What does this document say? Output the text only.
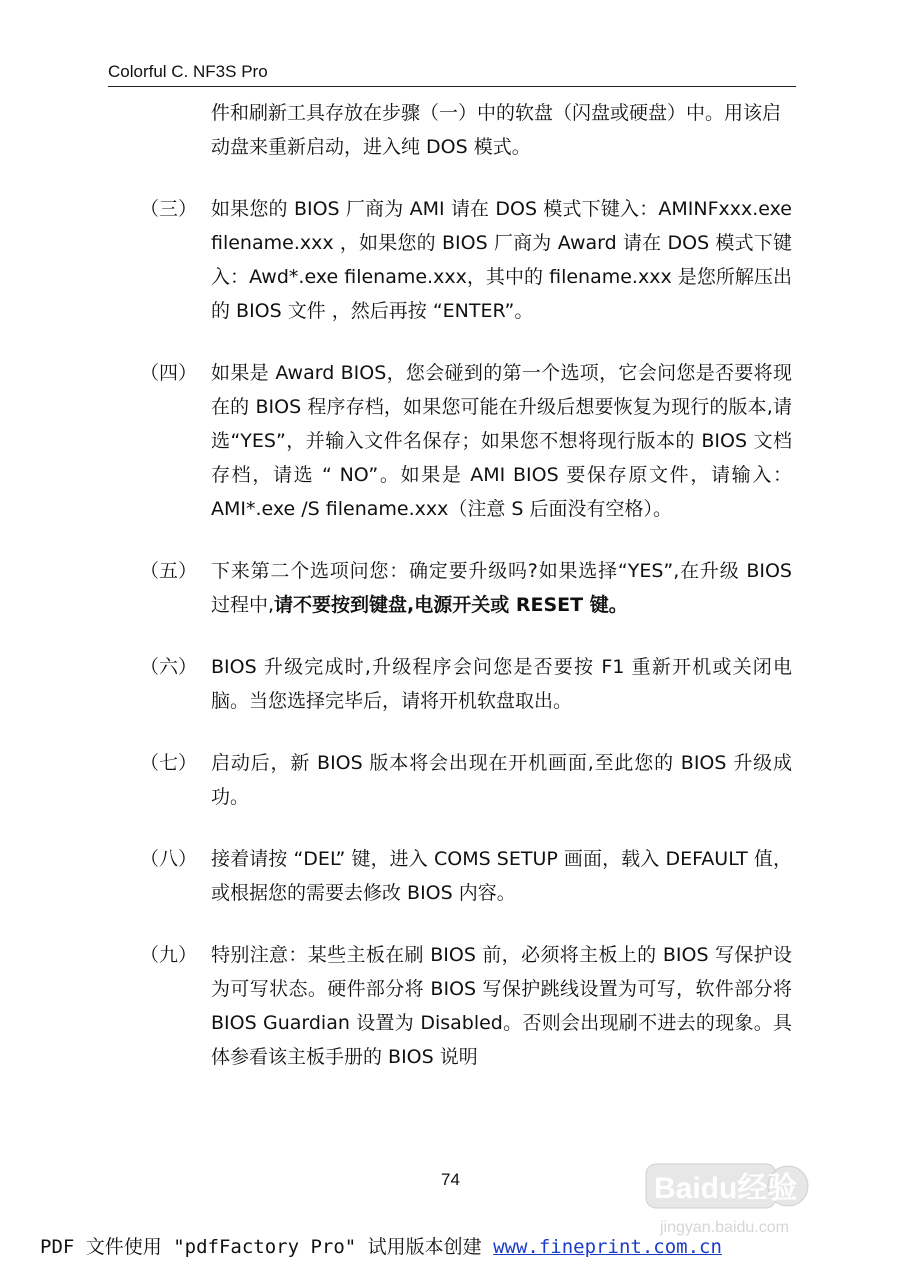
Colorful C. NF3S Pro
件和刷新工具存放在步骤（一）中的软盘（闪盘或硬盘）中。用该启动盘来重新启动，进入纯 DOS 模式。
（三） 如果您的 BIOS 厂商为 AMI 请在 DOS 模式下键入：AMINFxxx.exe filename.xxx ，如果您的 BIOS 厂商为 Award 请在 DOS 模式下键入：Awd*.exe filename.xxx，其中的 filename.xxx 是您所解压出的 BIOS 文件 ，然后再按 “ENTER”。
（四） 如果是 Award BIOS，您会碰到的第一个选项，它会问您是否要将现在的 BIOS 程序存档，如果您可能在升级后想要恢复为现行的版本,请选“YES”，并输入文件名保存；如果您不想将现行版本的 BIOS 文档存档，请选 “ NO”。如果是 AMI BIOS 要保存原文件，请输入：AMI*.exe /S filename.xxx（注意 S 后面没有空格）。
（五） 下来第二个选项问您：确定要升级吗?如果选择“YES”,在升级 BIOS 过程中,请不要按到键盘,电源开关或 RESET 键。
（六） BIOS 升级完成时,升级程序会问您是否要按 F1 重新开机或关闭电脑。当您选择完毕后，请将开机软盘取出。
（七） 启动后，新 BIOS 版本将会出现在开机画面,至此您的 BIOS 升级成功。
（八） 接着请按 “DEL” 键，进入 COMS SETUP 画面，载入 DEFAULT 值，或根据您的需要去修改 BIOS 内容。
（九） 特别注意：某些主板在刷 BIOS 前，必须将主板上的 BIOS 写保护设为可写状态。硬件部分将 BIOS 写保护跳线设置为可写，软件部分将 BIOS Guardian 设置为 Disabled。否则会出现刷不进去的现象。具体参看该主板手册的 BIOS 说明
74	Baidu经验
jingyan.baidu.com
PDF 文件使用 "pdfFactory Pro" 试用版本创建 www.fineprint.com.cn
